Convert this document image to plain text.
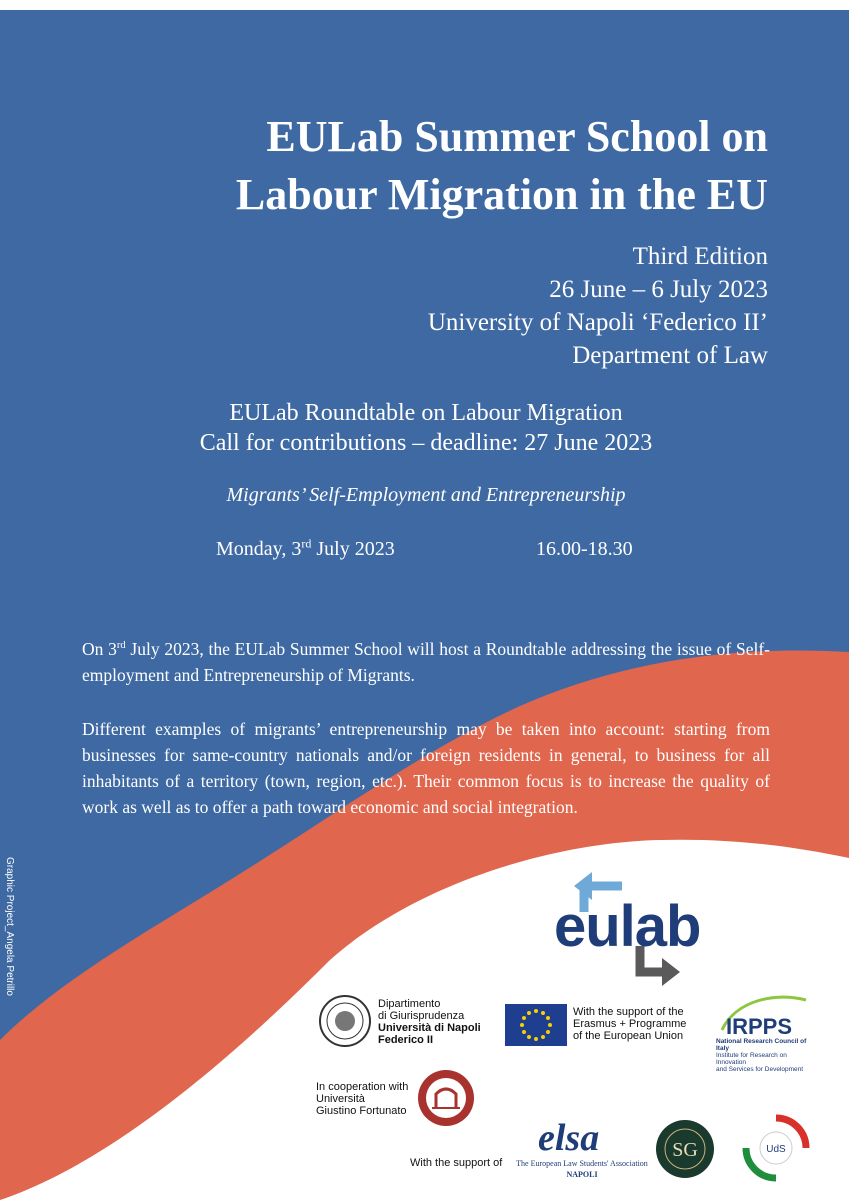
EULab Summer School on
Labour Migration in the EU
Third Edition
26 June – 6 July 2023
University of Napoli ‘Federico II’
Department of Law
EULab Roundtable on Labour Migration
Call for contributions – deadline: 27 June 2023
Migrants’ Self-Employment and Entrepreneurship
Monday, 3rd July 2023	16.00-18.30
On 3rd July 2023, the EULab Summer School will host a Roundtable addressing the issue of Self-employment and Entrepreneurship of Migrants.
Different examples of migrants’ entrepreneurship may be taken into account: starting from businesses for same-country nationals and/or foreign residents in general, to business for all inhabitants of a territory (town, region, etc.). Their common focus is to increase the quality of work as well as to offer a path toward economic and social integration.
Graphic Project_Angela Petrillo	eulab
Dipartimento
di Giurisprudenza
Università di Napoli
Federico II
With the support of the
Erasmus + Programme
of the European Union IRPPS
National Research Council of Italy
Institute for Research on Innovation
and Services for Development
In cooperation with
Università
Giustino Fortunato
With the support of
elsa
The European Law Students' Association
NAPOLI
SG	UdS
